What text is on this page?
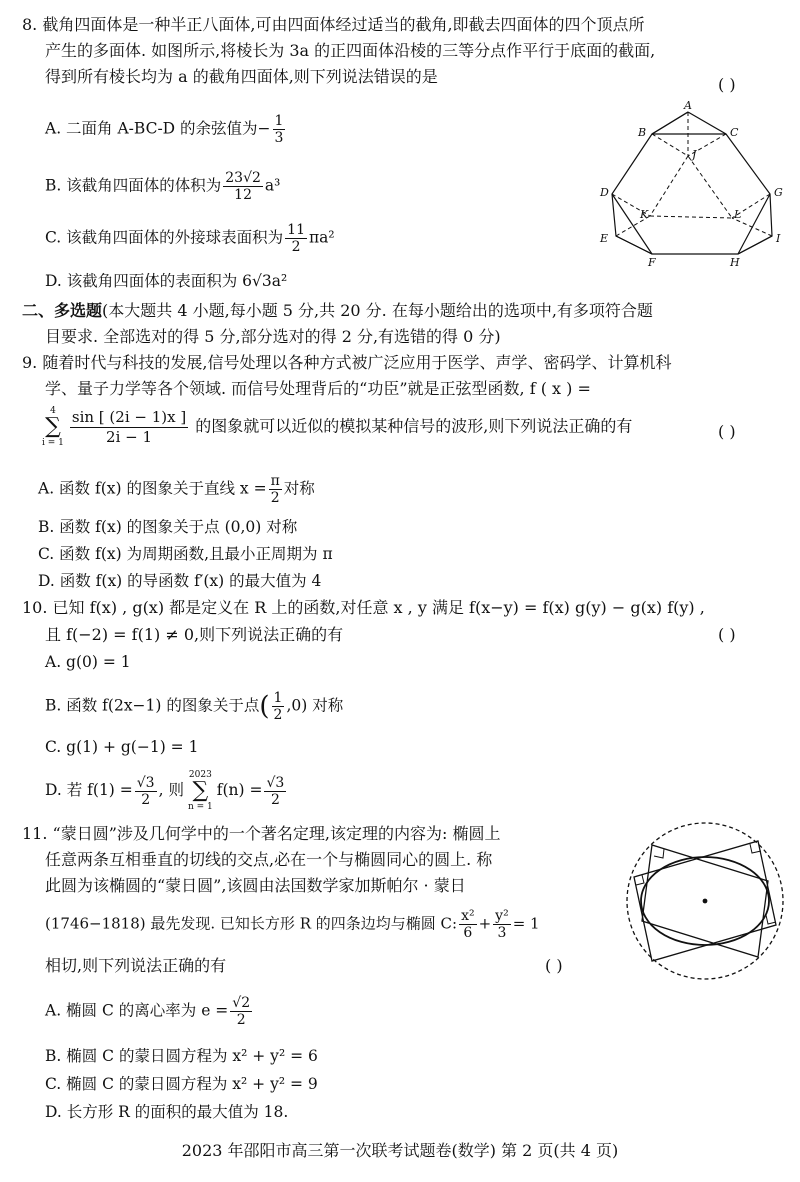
8. 截角四面体是一种半正八面体,可由四面体经过适当的截角,即截去四面体的四个顶点所
产生的多面体. 如图所示,将棱长为 3a 的正四面体沿棱的三等分点作平行于底面的截面,
得到所有棱长均为 a 的截角四面体,则下列说法错误的是	( )
A. 二面角 A-BC-D 的余弦值为− $\frac{1}{3}$
B. 该截角四面体的体积为 $\frac{23√2}{12} a^3$
C. 该截角四面体的外接球表面积为 $\frac{11}{2} \pi a^2$
D. 该截角四面体的表面积为 6√3a²
A
B	C
J
D	G
K	L
E	I
F	H
二、多选题(本大题共 4 小题,每小题 5 分,共 20 分. 在每小题给出的选项中,有多项符合题
目要求. 全部选对的得 5 分,部分选对的得 2 分,有选错的得 0 分)
9. 随着时代与科技的发展,信号处理以各种方式被广泛应用于医学、声学、密码学、计算机科
学、量子力学等各个领域. 而信号处理背后的“功臣”就是正弦型函数, f ( x ) =
4
∑
$i = 1 \frac{\sin [ (2i - 1)x ]}{2i - 1}$ 的图象就可以近似的模拟某种信号的波形,则下列说法正确的有	( )
A. 函数 f(x) 的图象关于直线 $x = \frac{\pi}{2}$ 对称
B. 函数 f(x) 的图象关于点 (0,0) 对称
C. 函数 f(x) 为周期函数,且最小正周期为 π
D. 函数 f(x) 的导函数 f′(x) 的最大值为 4
10. 已知 f(x) , g(x) 都是定义在 R 上的函数,对任意 x , y 满足 f(x−y) = f(x) g(y) − g(x) f(y) ,
且 f(−2) = f(1) ≠ 0,则下列说法正确的有	( )
A. g(0) = 1
B. 函数 f(2x−1) 的图象关于点( $\frac{1}{2} ,0$) 对称
C. g(1) + g(−1) = 1
D. 若 $f(1) = \frac{√3}{2}$ , 则2023
∑
$n = 1f(n) = \frac{√3}{2}$
11. “蒙日圆”涉及几何学中的一个著名定理,该定理的内容为: 椭圆上
任意两条互相垂直的切线的交点,必在一个与椭圆同心的圆上. 称
此圆为该椭圆的“蒙日圆”,该圆由法国数学家加斯帕尔 · 蒙日
(1746−1818) 最先发现. 已知长方形 R 的四条边均与椭圆 C: $\frac{\text{x²}}{6} + \frac{\text{y²}}{3} = 1$
相切,则下列说法正确的有	( )
A. 椭圆 C 的离心率为 $e = \frac{√2}{2}$
B. 椭圆 C 的蒙日圆方程为 x² + y² = 6
C. 椭圆 C 的蒙日圆方程为 x² + y² = 9
D. 长方形 R 的面积的最大值为 18.
2023 年邵阳市高三第一次联考试题卷(数学) 第 2 页(共 4 页)
